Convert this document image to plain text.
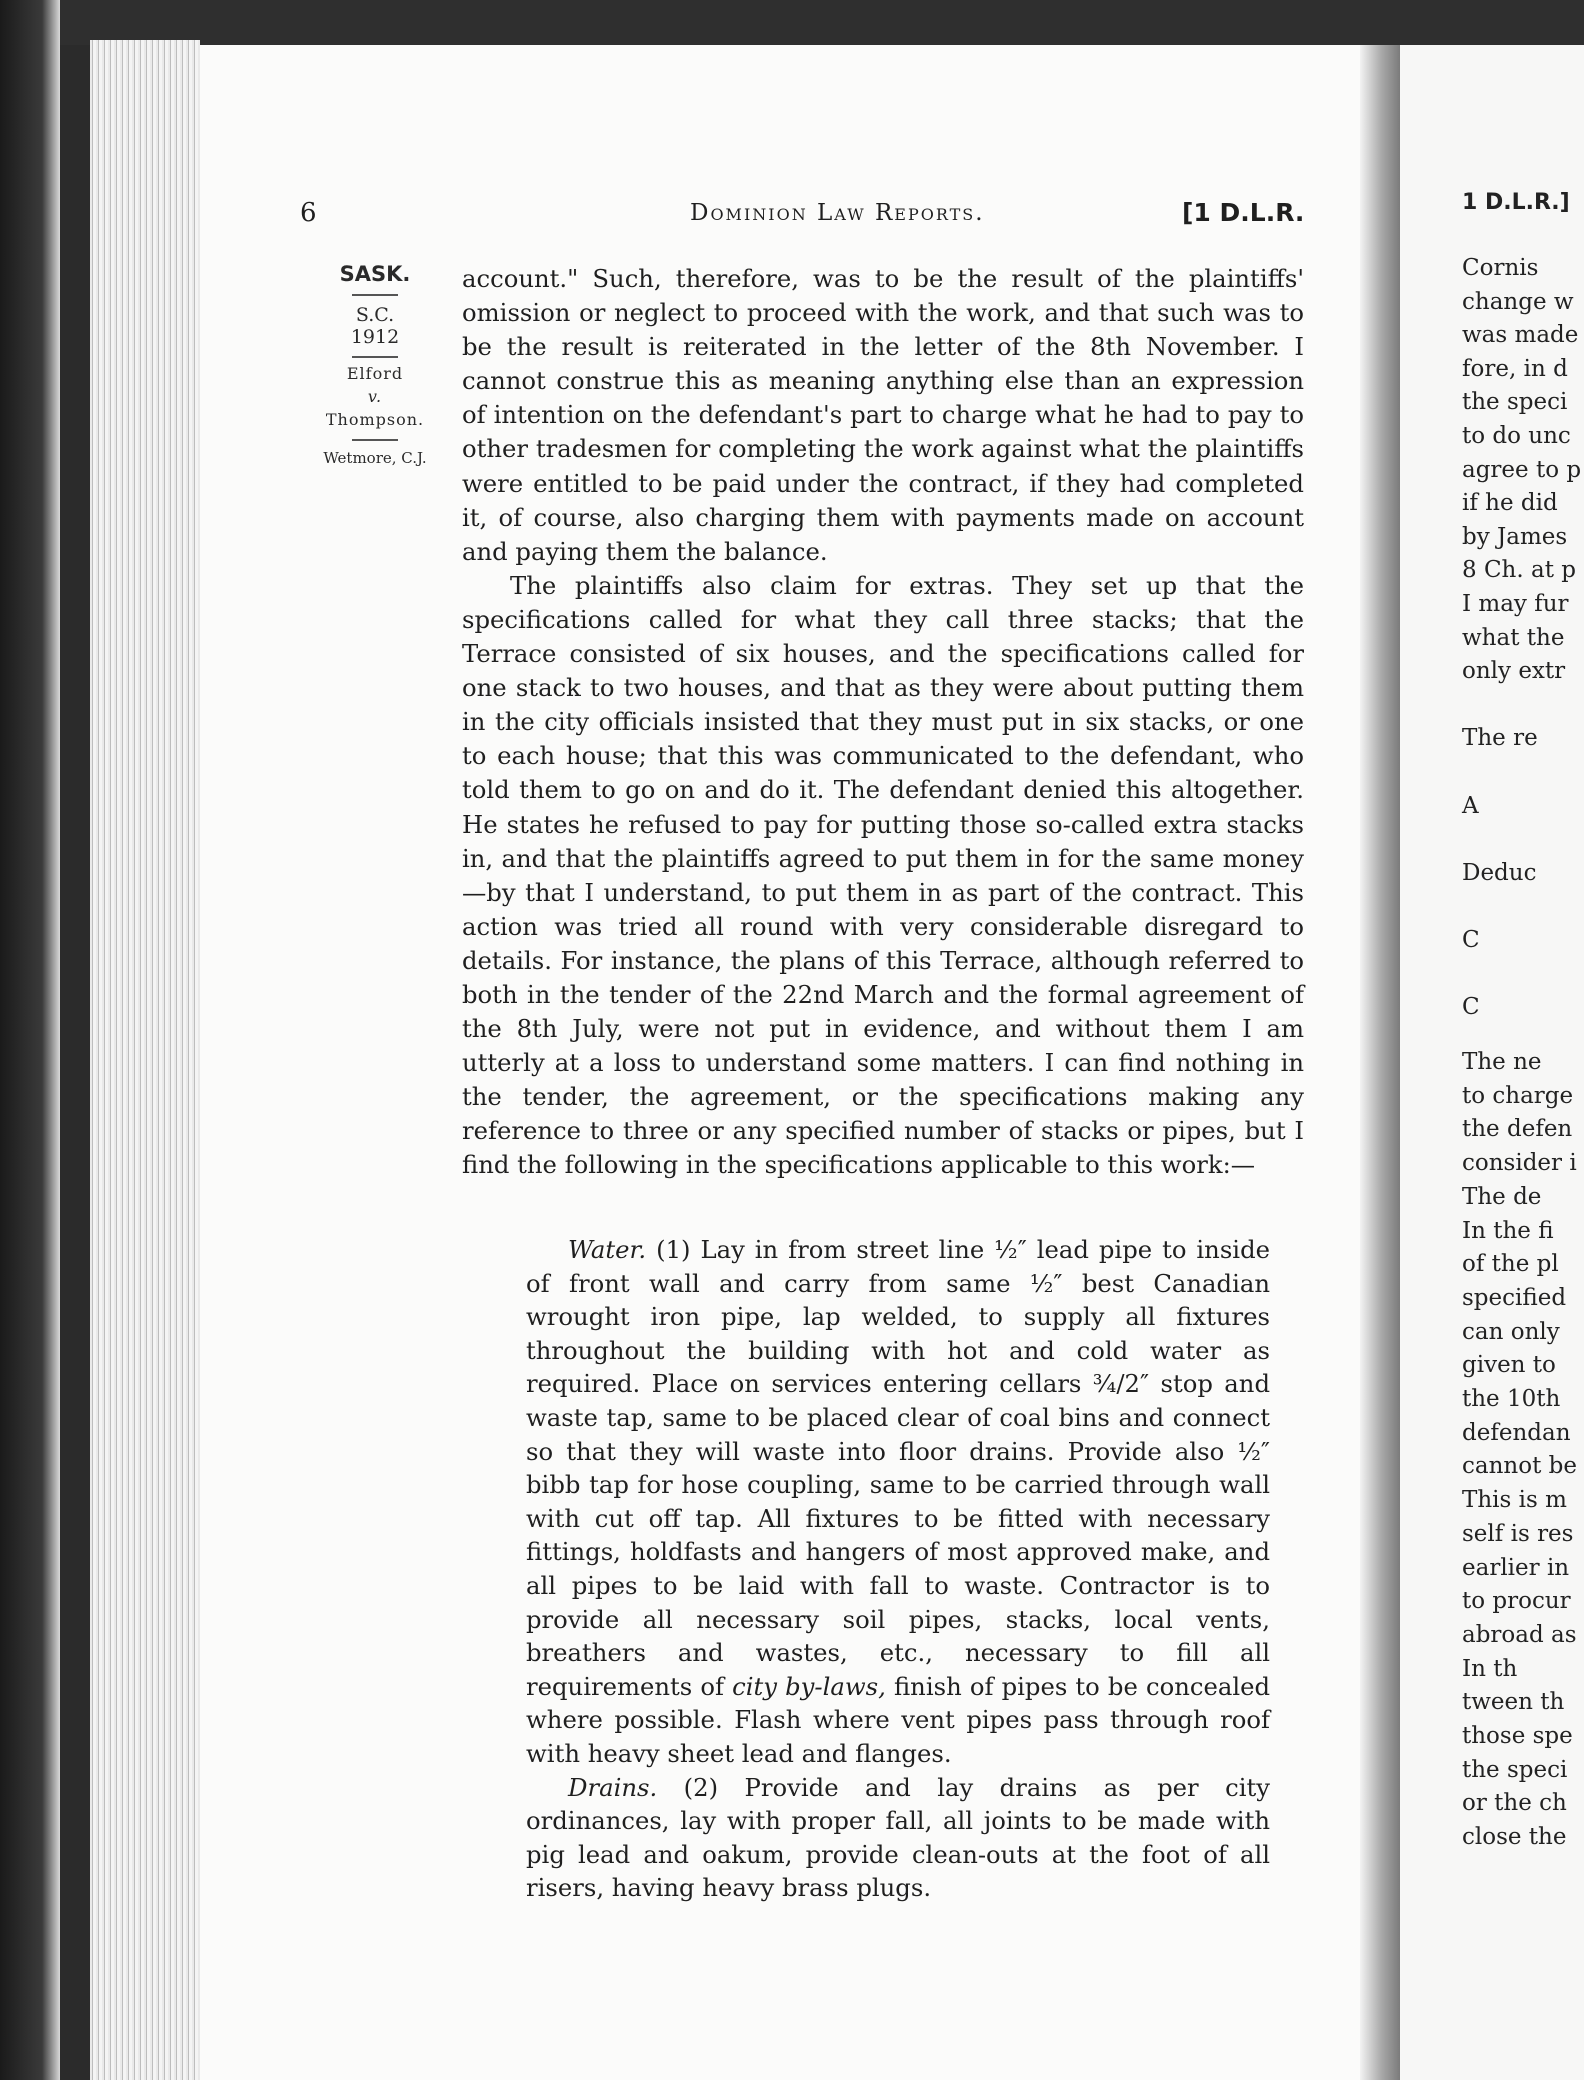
6	Dominion Law Reports.	[1 D.L.R.
SASK.
S.C.
1912
Elford
v.
Thompson.
Wetmore, C.J.

account." Such, therefore, was to be the result of the plaintiffs' omission or neglect to proceed with the work, and that such was to be the result is reiterated in the letter of the 8th November. I cannot construe this as meaning anything else than an expression of intention on the defendant's part to charge what he had to pay to other tradesmen for completing the work against what the plaintiffs were entitled to be paid under the contract, if they had completed it, of course, also charging them with payments made on account and paying them the balance.

The plaintiffs also claim for extras. They set up that the specifications called for what they call three stacks; that the Terrace consisted of six houses, and the specifications called for one stack to two houses, and that as they were about putting them in the city officials insisted that they must put in six stacks, or one to each house; that this was communicated to the defendant, who told them to go on and do it. The defendant denied this altogether. He states he refused to pay for putting those so-called extra stacks in, and that the plaintiffs agreed to put them in for the same money—by that I understand, to put them in as part of the contract. This action was tried all round with very considerable disregard to details. For instance, the plans of this Terrace, although referred to both in the tender of the 22nd March and the formal agreement of the 8th July, were not put in evidence, and without them I am utterly at a loss to understand some matters. I can find nothing in the tender, the agreement, or the specifications making any reference to three or any specified number of stacks or pipes, but I find the following in the specifications applicable to this work:—

Water. (1) Lay in from street line ½″ lead pipe to inside of front wall and carry from same ½″ best Canadian wrought iron pipe, lap welded, to supply all fixtures throughout the building with hot and cold water as required. Place on services entering cellars ¾/2″ stop and waste tap, same to be placed clear of coal bins and connect so that they will waste into floor drains. Provide also ½″ bibb tap for hose coupling, same to be carried through wall with cut off tap. All fixtures to be fitted with necessary fittings, holdfasts and hangers of most approved make, and all pipes to be laid with fall to waste. Contractor is to provide all necessary soil pipes, stacks, local vents, breathers and wastes, etc., necessary to fill all requirements of city by-laws, finish of pipes to be concealed where possible. Flash where vent pipes pass through roof with heavy sheet lead and flanges.

Drains. (2) Provide and lay drains as per city ordinances, lay with proper fall, all joints to be made with pig lead and oakum, provide clean-outs at the foot of all risers, having heavy brass plugs.

1 D.L.R.]
Cornis
change w
was made
fore, in d
the speci
to do unc
agree to p
if he did
by James
8 Ch. at p
I may fur
what the
only extr

The re

A

Deduc

C

C
The ne
to charge
the defen
consider i
The de
In the fi
of the pl
specified
can only
given to
the 10th
defendan
cannot be
This is m
self is res
earlier in
to procur
abroad as
In th
tween th
those spe
the speci
or the ch
close the
